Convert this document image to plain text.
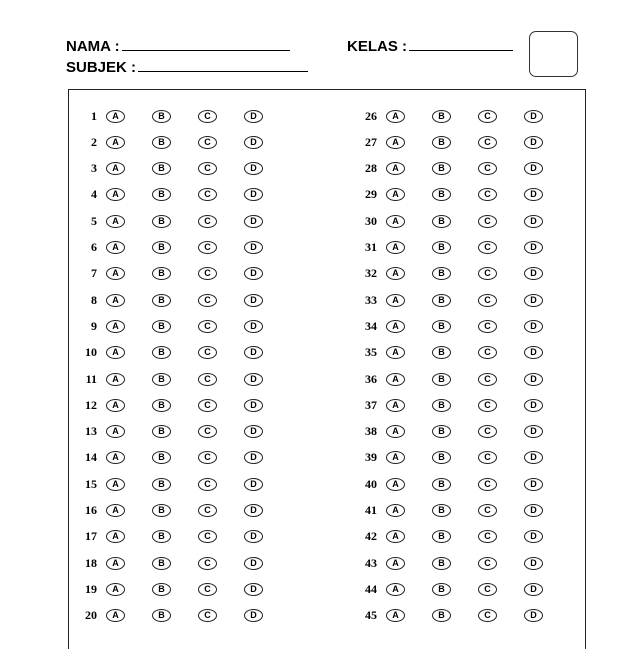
NAMA :
SUBJEK :
KELAS :
1	A	B	C	D
2	A	B	C	D
3	A	B	C	D
4	A	B	C	D
5	A	B	C	D
6	A	B	C	D
7	A	B	C	D
8	A	B	C	D
9	A	B	C	D
10	A	B	C	D
11	A	B	C	D
12	A	B	C	D
13	A	B	C	D
14	A	B	C	D
15	A	B	C	D
16	A	B	C	D
17	A	B	C	D
18	A	B	C	D
19	A	B	C	D
20	A	B	C	D
26	A	B	C	D
27	A	B	C	D
28	A	B	C	D
29	A	B	C	D
30	A	B	C	D
31	A	B	C	D
32	A	B	C	D
33	A	B	C	D
34	A	B	C	D
35	A	B	C	D
36	A	B	C	D
37	A	B	C	D
38	A	B	C	D
39	A	B	C	D
40	A	B	C	D
41	A	B	C	D
42	A	B	C	D
43	A	B	C	D
44	A	B	C	D
45	A	B	C	D
